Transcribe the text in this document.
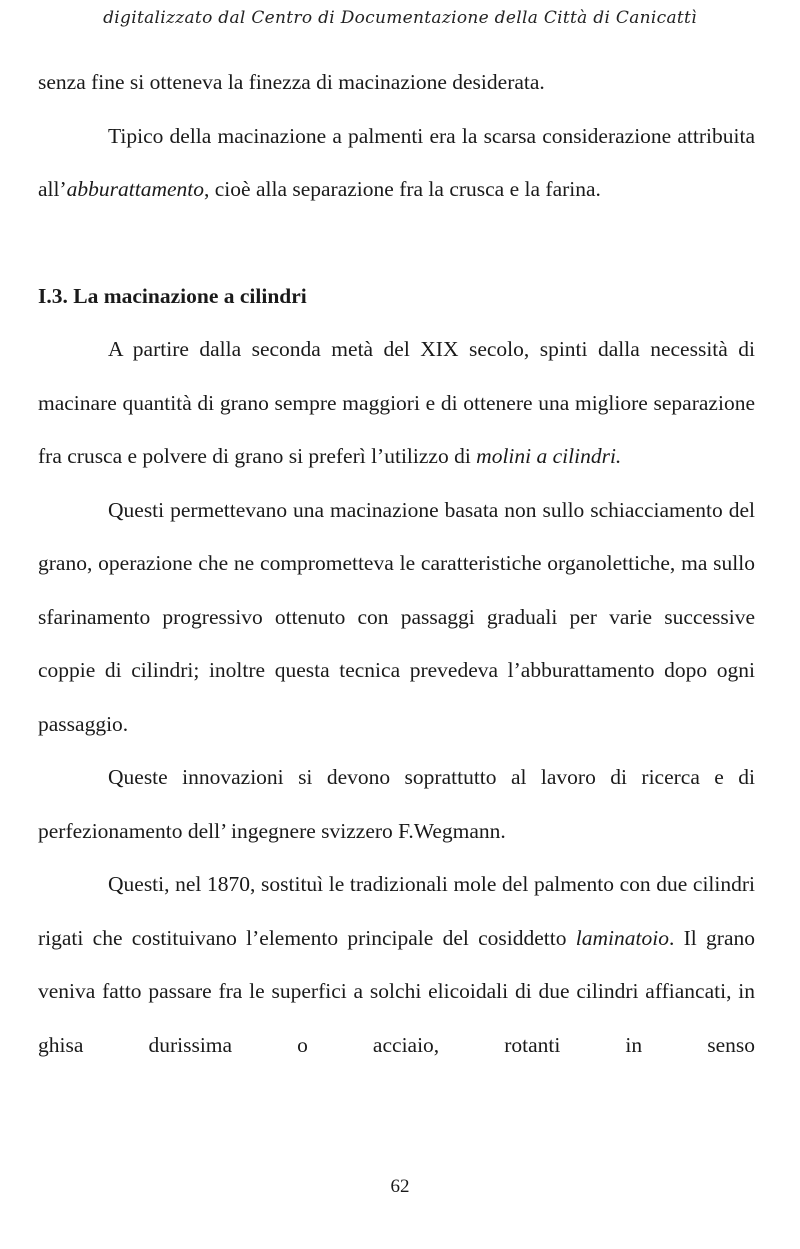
digitalizzato dal Centro di Documentazione della Città di Canicattì

senza fine si otteneva la finezza di macinazione desiderata.

Tipico della macinazione a palmenti era la scarsa considerazione attribuita all’abburattamento, cioè alla separazione fra la crusca e la farina.

I.3. La macinazione a cilindri

A partire dalla seconda metà del XIX secolo, spinti dalla necessità di macinare quantità di grano sempre maggiori e di ottenere una migliore separazione fra crusca e polvere di grano si preferì l’utilizzo di molini a cilindri.

Questi permettevano una macinazione basata non sullo schiacciamento del grano, operazione che ne comprometteva le caratteristiche organolettiche, ma sullo sfarinamento progressivo ottenuto con passaggi graduali per varie successive coppie di cilindri; inoltre questa tecnica prevedeva l’abburattamento dopo ogni passaggio.

Queste innovazioni si devono soprattutto al lavoro di ricerca e di perfezionamento dell’ ingegnere svizzero F.Wegmann.

Questi, nel 1870, sostituì le tradizionali mole del palmento con due cilindri rigati che costituivano l’elemento principale del cosiddetto laminatoio. Il grano veniva fatto passare fra le superfici a solchi elicoidali di due cilindri affiancati, in ghisa durissima o acciaio, rotanti in senso

62
